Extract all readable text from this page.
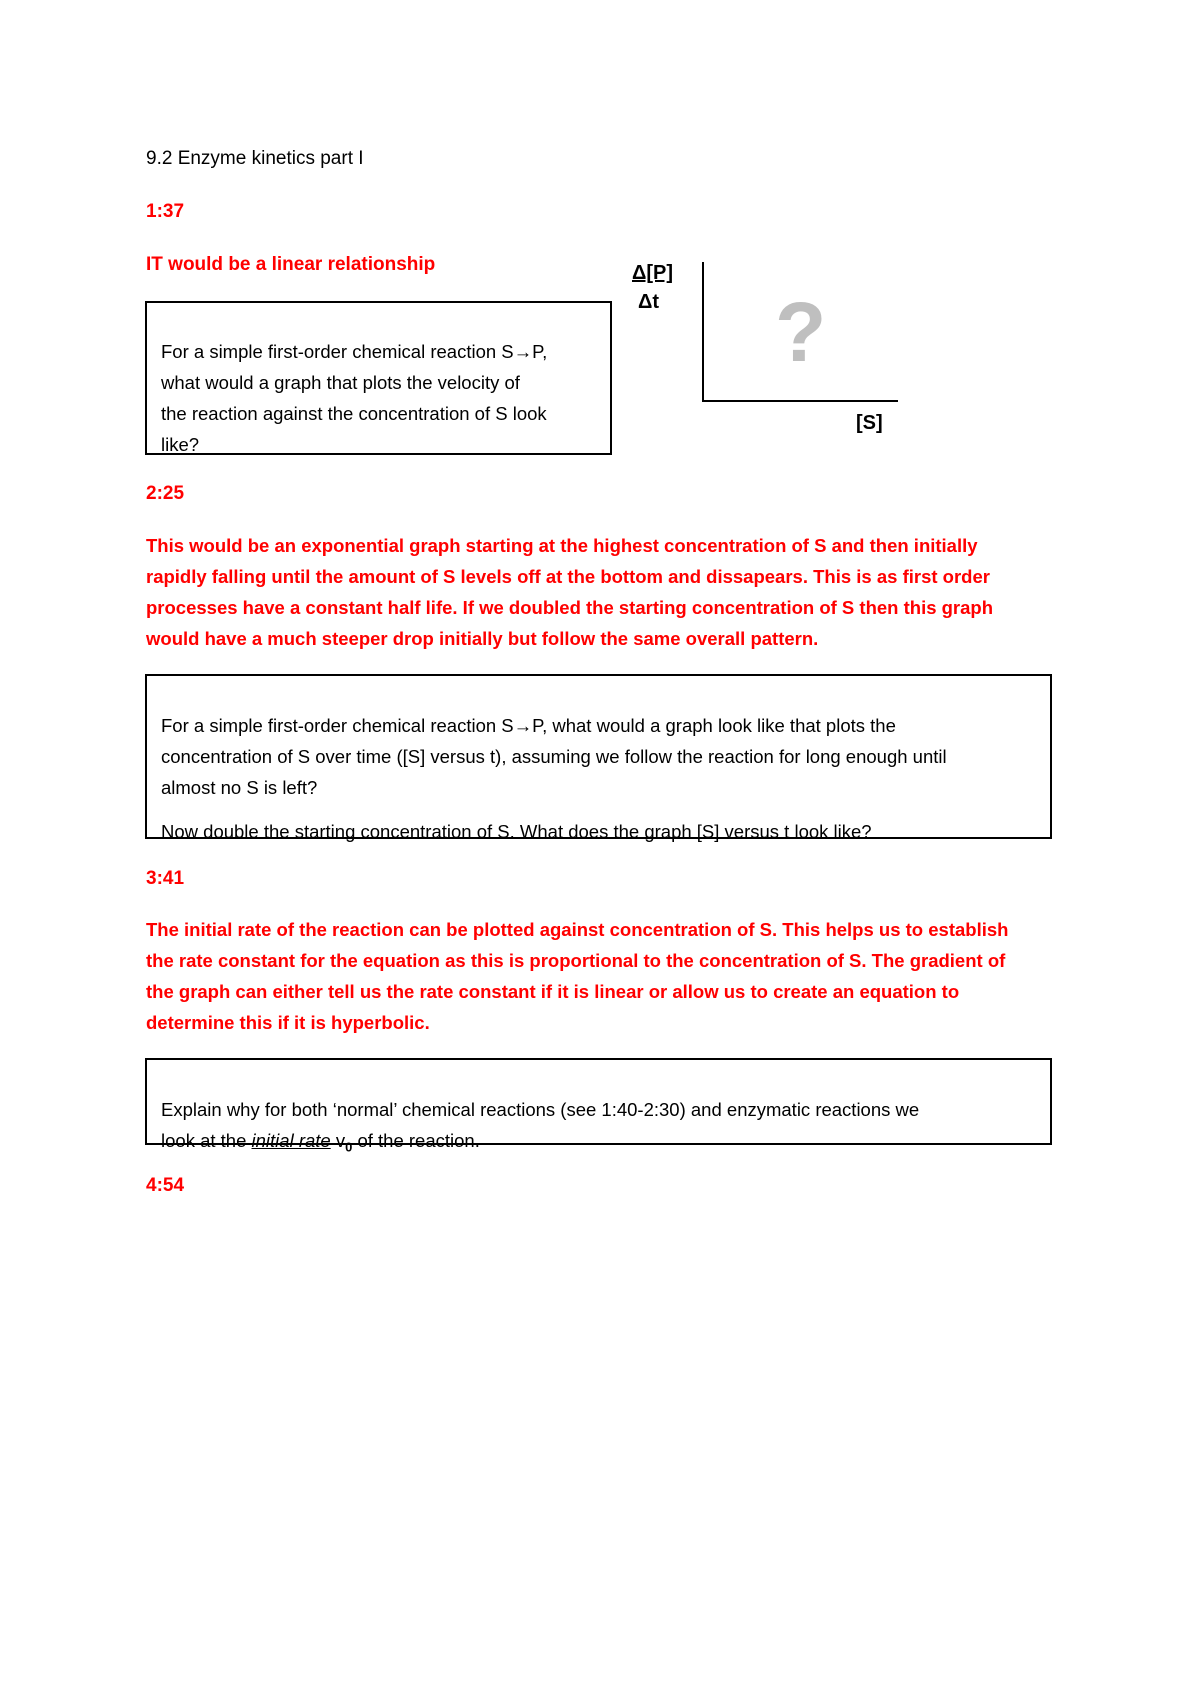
9.2 Enzyme kinetics part I
1:37
IT would be a linear relationship
For a simple first-order chemical reaction S→P,
what would a graph that plots the velocity of
the reaction against the concentration of S look
like?
Δ[P]
Δt ?
[S]
2:25
This would be an exponential graph starting at the highest concentration of S and then initially
rapidly falling until the amount of S levels off at the bottom and dissapears. This is as first order
processes have a constant half life. If we doubled the starting concentration of S then this graph
would have a much steeper drop initially but follow the same overall pattern.
For a simple first-order chemical reaction S→P, what would a graph look like that plots the
concentration of S over time ([S] versus t), assuming we follow the reaction for long enough until
almost no S is left?
Now double the starting concentration of S. What does the graph [S] versus t look like?
3:41
The initial rate of the reaction can be plotted against concentration of S. This helps us to establish
the rate constant for the equation as this is proportional to the concentration of S. The gradient of
the graph can either tell us the rate constant if it is linear or allow us to create an equation to
determine this if it is hyperbolic.
Explain why for both ‘normal’ chemical reactions (see 1:40-2:30) and enzymatic reactions we
look at the initial rate $v_0$ of the reaction.
4:54
